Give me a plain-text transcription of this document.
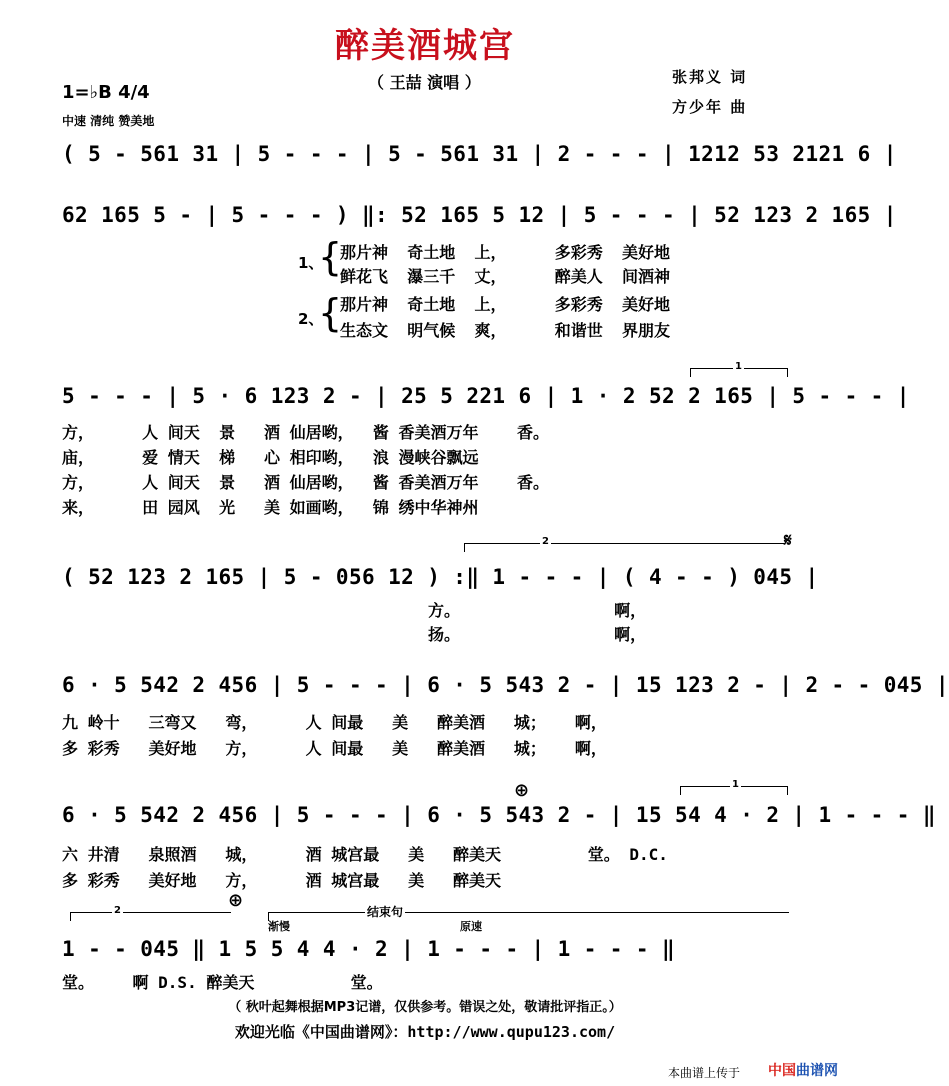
醉美酒城宫
（ 王喆 演唱 ）	张邦义 词
方少年 曲
1=♭B 4/4
中速 清纯 赞美地
( 5 - 561 31 | 5 - - - | 5 - 561 31 | 2 - - - | 1212 53 2121 6 |
62 165 5 - | 5 - - - ) ‖: 52 165 5 12 | 5 - - - | 52 123 2 165 |
1、
{
那片神  奇土地  上，     多彩秀  美好地
鲜花飞  瀑三千  丈，     醉美人  间酒神
2、
{
那片神  奇土地  上，     多彩秀  美好地
生态文  明气候  爽，     和谐世  界朋友
1
5 - - - | 5 · 6 123 2 - | 25 5 221 6 | 1 · 2 52 2 165 | 5 - - - |
方，     人 间天  景   酒 仙居哟，  酱 香美酒万年    香。
庙，     爱 情天  梯   心 相印哟，  浪 漫峡谷飘远
方，     人 间天  景   酒 仙居哟，  酱 香美酒万年    香。
来，     田 园风  光   美 如画哟，  锦 绣中华神州
2	𝄋
( 52 123 2 165 | 5 - 056 12 ) :‖ 1 - - - | ( 4 - - ) 045 |
方。                啊，
扬。                啊，
6 · 5 542 2 456 | 5 - - - | 6 · 5 543 2 - | 15 123 2 - | 2 - - 045 |
九 岭十   三弯又   弯，     人 间最   美   醉美酒   城；   啊，
多 彩秀   美好地   方，     人 间最   美   醉美酒   城；   啊，
⊕	1
6 · 5 542 2 456 | 5 - - - | 6 · 5 543 2 - | 15 54 4 · 2 | 1 - - - ‖
六 井清   泉照酒   城，     酒 城宫最   美   醉美天         堂。 D.C.
多 彩秀   美好地   方，     酒 城宫最   美   醉美天
2	⊕
结束句
渐慢	原速
1 - - 045 ‖ 1 5 5 4 4 · 2 | 1 - - - | 1 - - - ‖
堂。    啊 D.S. 醉美天          堂。
（ 秋叶起舞根据MP3记谱，仅供参考。错误之处，敬请批评指正。）
欢迎光临《中国曲谱网》：http://www.qupu123.com/
本曲谱上传于 中国曲谱网
